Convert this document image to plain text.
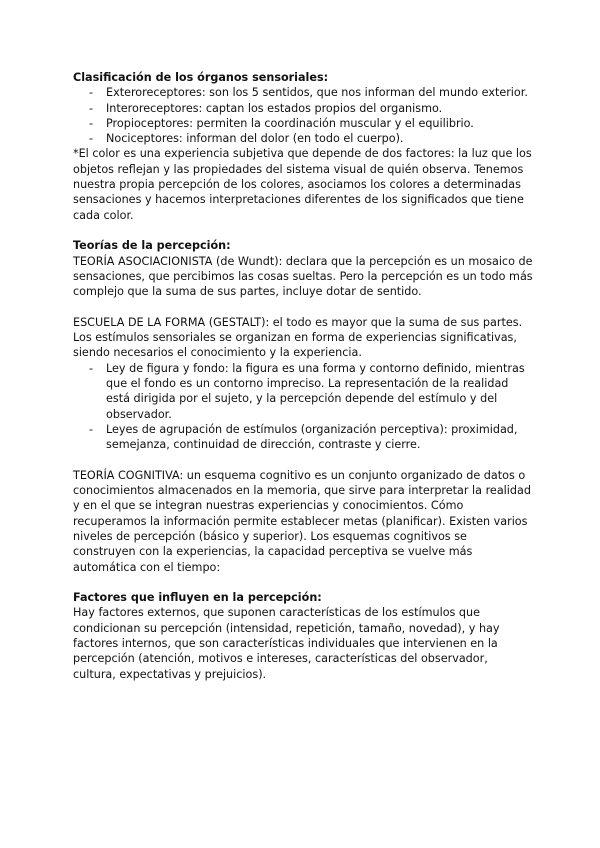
Clasificación de los órganos sensoriales:
- Exteroreceptores: son los 5 sentidos, que nos informan del mundo exterior.
- Interoreceptores: captan los estados propios del organismo.
- Propioceptores: permiten la coordinación muscular y el equilibrio.
- Nociceptores: informan del dolor (en todo el cuerpo).

*El color es una experiencia subjetiva que depende de dos factores: la luz que los objetos reflejan y las propiedades del sistema visual de quién observa. Tenemos nuestra propia percepción de los colores, asociamos los colores a determinadas sensaciones y hacemos interpretaciones diferentes de los significados que tiene cada color.

Teorías de la percepción:

TEORÍA ASOCIACIONISTA (de Wundt): declara que la percepción es un mosaico de sensaciones, que percibimos las cosas sueltas. Pero la percepción es un todo más complejo que la suma de sus partes, incluye dotar de sentido.

ESCUELA DE LA FORMA (GESTALT): el todo es mayor que la suma de sus partes. Los estímulos sensoriales se organizan en forma de experiencias significativas, siendo necesarios el conocimiento y la experiencia.

- Ley de figura y fondo: la figura es una forma y contorno definido, mientras que el fondo es un contorno impreciso. La representación de la realidad está dirigida por el sujeto, y la percepción depende del estímulo y del observador.
- Leyes de agrupación de estímulos (organización perceptiva): proximidad, semejanza, continuidad de dirección, contraste y cierre.

TEORÍA COGNITIVA: un esquema cognitivo es un conjunto organizado de datos o conocimientos almacenados en la memoria, que sirve para interpretar la realidad y en el que se integran nuestras experiencias y conocimientos. Cómo recuperamos la información permite establecer metas (planificar). Existen varios niveles de percepción (básico y superior). Los esquemas cognitivos se construyen con la experiencias, la capacidad perceptiva se vuelve más automática con el tiempo:

Factores que influyen en la percepción:

Hay factores externos, que suponen características de los estímulos que condicionan su percepción (intensidad, repetición, tamaño, novedad), y hay factores internos, que son características individuales que intervienen en la percepción (atención, motivos e intereses, características del observador, cultura, expectativas y prejuicios).
